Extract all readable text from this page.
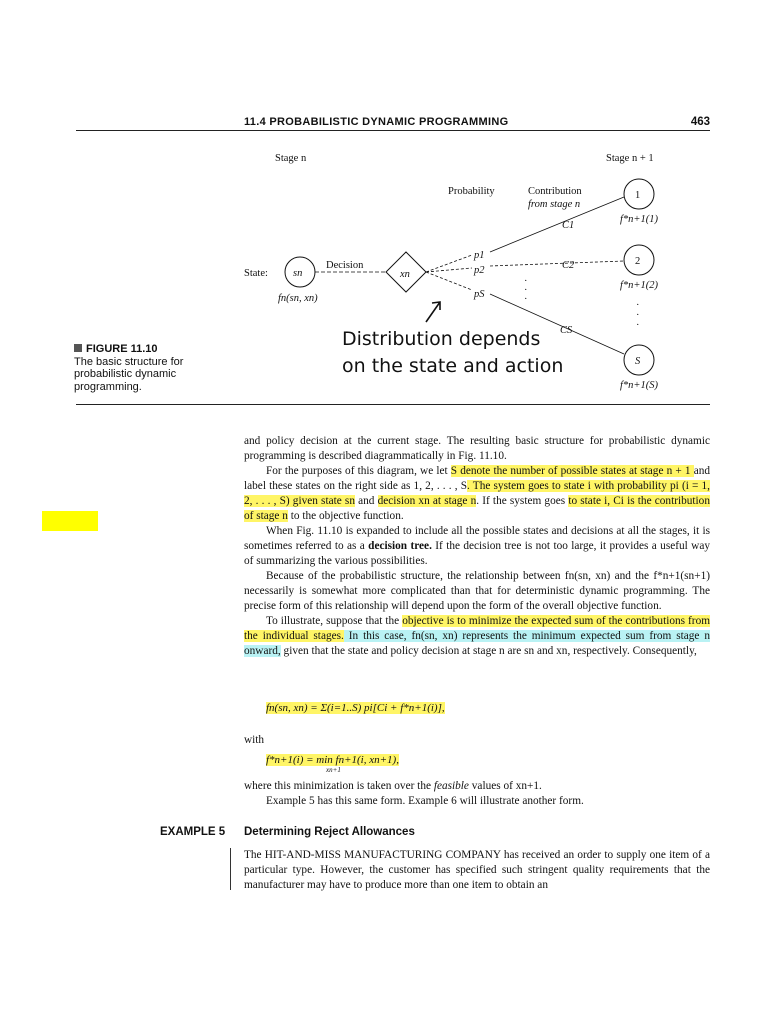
11.4 PROBABILISTIC DYNAMIC PROGRAMMING	463
Stage n	Stage n + 1
Probability	Contribution
from stage n
State: sn
fn(sn, xn)
Decision
xn
p1
p2
pS
C1
C2
CS
·
·
·
1
f*n+1(1)
2
f*n+1(2)
·
·
·
S
f*n+1(S)
Distribution depends
on the state and action
FIGURE 11.10
The basic structure for probabilistic dynamic programming.

and policy decision at the current stage. The resulting basic structure for probabilistic dynamic programming is described diagrammatically in Fig. 11.10.

For the purposes of this diagram, we let S denote the number of possible states at stage n + 1 and label these states on the right side as 1, 2, . . . , S. The system goes to state i with probability pi (i = 1, 2, . . . , S) given state sn and decision xn at stage n. If the system goes to state i, Ci is the contribution of stage n to the objective function.

When Fig. 11.10 is expanded to include all the possible states and decisions at all the stages, it is sometimes referred to as a decision tree. If the decision tree is not too large, it provides a useful way of summarizing the various possibilities.

Because of the probabilistic structure, the relationship between fn(sn, xn) and the f*n+1(sn+1) necessarily is somewhat more complicated than that for deterministic dynamic programming. The precise form of this relationship will depend upon the form of the overall objective function.

To illustrate, suppose that the objective is to minimize the expected sum of the contributions from the individual stages. In this case, fn(sn, xn) represents the minimum expected sum from stage n onward, given that the state and policy decision at stage n are sn and xn, respectively. Consequently,

fn(sn, xn) = Σ(i=1..S) pi[Ci + f*n+1(i)],
with
f*n+1(i) = min fn+1(i, xn+1),
xn+1

where this minimization is taken over the feasible values of xn+1.

Example 5 has this same form. Example 6 will illustrate another form.

EXAMPLE 5 Determining Reject Allowances
The HIT-AND-MISS MANUFACTURING COMPANY has received an order to supply one item of a particular type. However, the customer has specified such stringent quality requirements that the manufacturer may have to produce more than one item to obtain an
